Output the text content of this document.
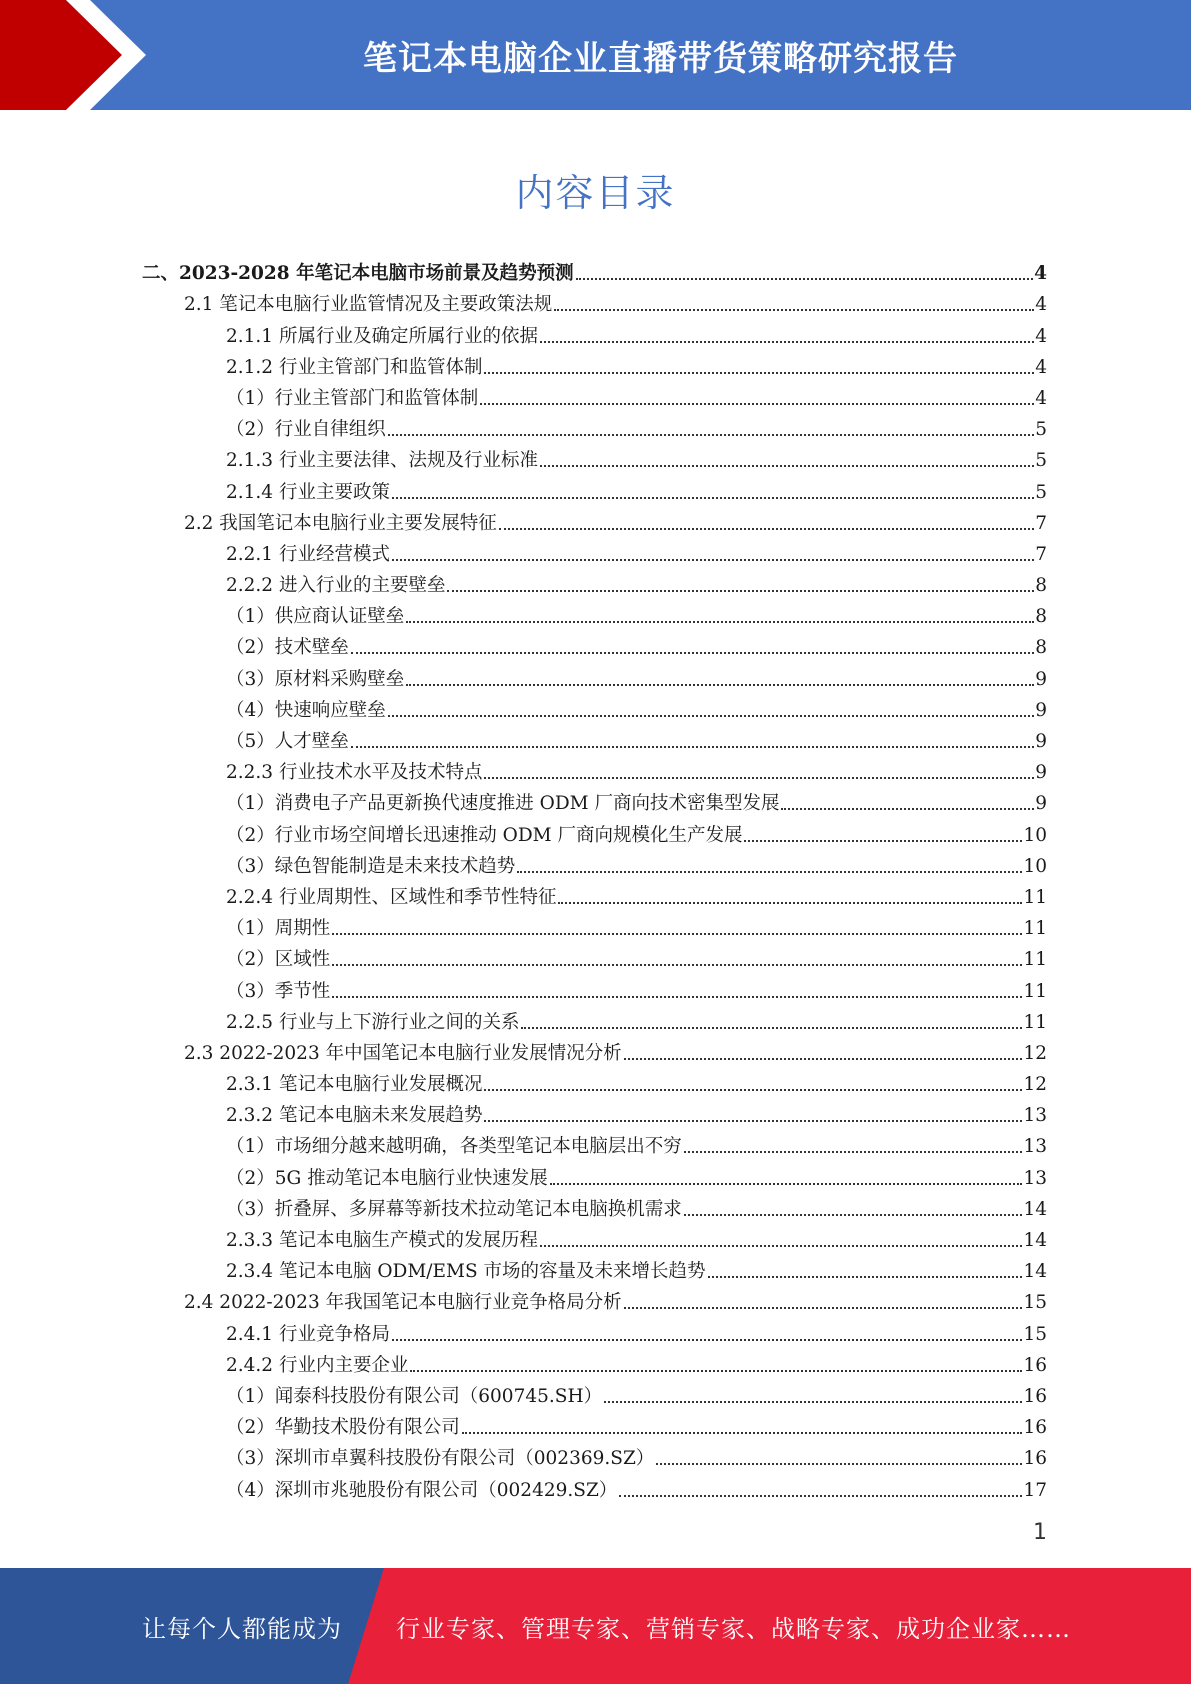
笔记本电脑企业直播带货策略研究报告
内容目录
二、2023-2028 年笔记本电脑市场前景及趋势预测	4
2.1 笔记本电脑行业监管情况及主要政策法规	4
2.1.1 所属行业及确定所属行业的依据	4
2.1.2 行业主管部门和监管体制	4
（1）行业主管部门和监管体制	4
（2）行业自律组织	5
2.1.3 行业主要法律、法规及行业标准	5
2.1.4 行业主要政策	5
2.2 我国笔记本电脑行业主要发展特征	7
2.2.1 行业经营模式	7
2.2.2 进入行业的主要壁垒	8
（1）供应商认证壁垒	8
（2）技术壁垒	8
（3）原材料采购壁垒	9
（4）快速响应壁垒	9
（5）人才壁垒	9
2.2.3 行业技术水平及技术特点	9
（1）消费电子产品更新换代速度推进 ODM 厂商向技术密集型发展	9
（2）行业市场空间增长迅速推动 ODM 厂商向规模化生产发展	10
（3）绿色智能制造是未来技术趋势	10
2.2.4 行业周期性、区域性和季节性特征	11
（1）周期性	11
（2）区域性	11
（3）季节性	11
2.2.5 行业与上下游行业之间的关系	11
2.3 2022-2023 年中国笔记本电脑行业发展情况分析	12
2.3.1 笔记本电脑行业发展概况	12
2.3.2 笔记本电脑未来发展趋势	13
（1）市场细分越来越明确，各类型笔记本电脑层出不穷	13
（2）5G 推动笔记本电脑行业快速发展	13
（3）折叠屏、多屏幕等新技术拉动笔记本电脑换机需求	14
2.3.3 笔记本电脑生产模式的发展历程	14
2.3.4 笔记本电脑 ODM/EMS 市场的容量及未来增长趋势	14
2.4 2022-2023 年我国笔记本电脑行业竞争格局分析	15
2.4.1 行业竞争格局	15
2.4.2 行业内主要企业	16
（1）闻泰科技股份有限公司（600745.SH）	16
（2）华勤技术股份有限公司	16
（3）深圳市卓翼科技股份有限公司（002369.SZ）	16
（4）深圳市兆驰股份有限公司（002429.SZ）	17
1
让每个人都能成为 行业专家、管理专家、营销专家、战略专家、成功企业家……
